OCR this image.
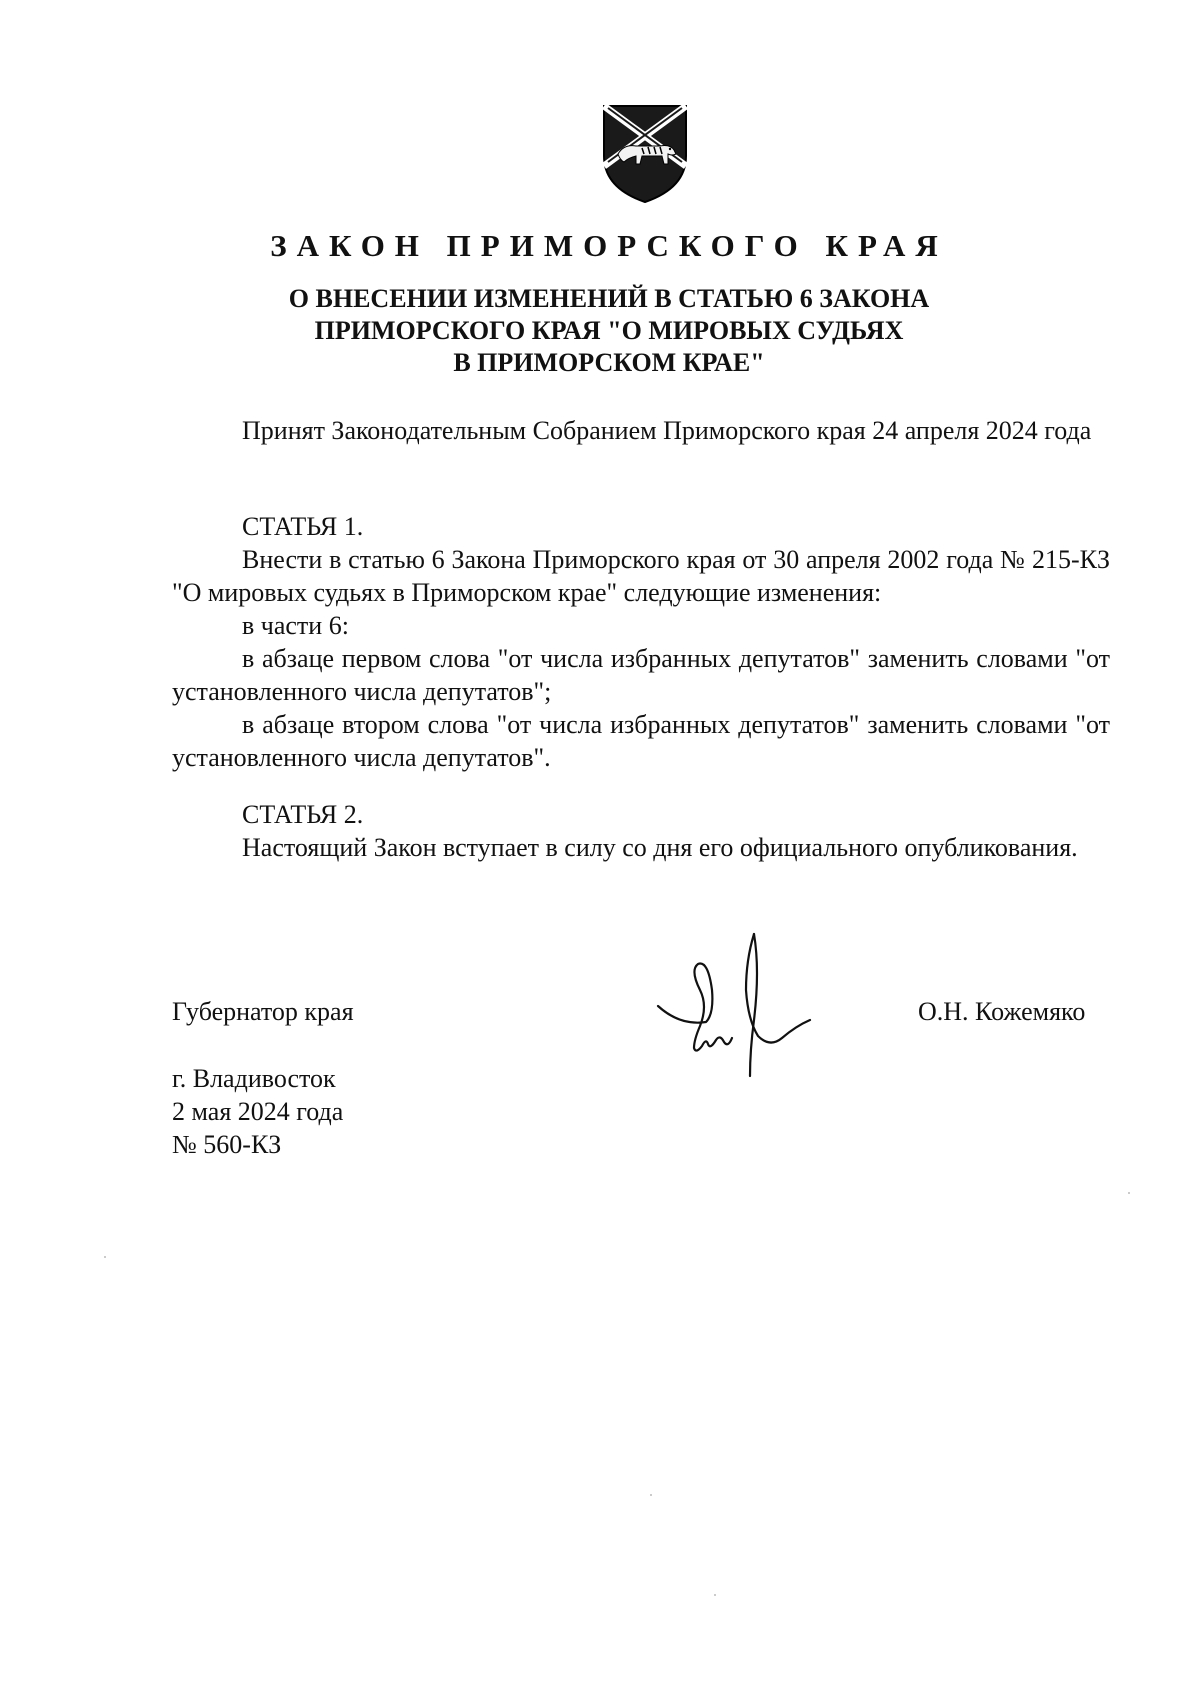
ЗАКОН ПРИМОРСКОГО КРАЯ
О ВНЕСЕНИИ ИЗМЕНЕНИЙ В СТАТЬЮ 6 ЗАКОНА
ПРИМОРСКОГО КРАЯ "О МИРОВЫХ СУДЬЯХ
В ПРИМОРСКОМ КРАЕ"

Принят Законодательным Собранием Приморского края 24 апреля 2024 года

СТАТЬЯ 1.

Внести в статью 6 Закона Приморского края от 30 апреля 2002 года № 215-КЗ "О мировых судьях в Приморском крае" следующие изменения:

в части 6:

в абзаце первом слова "от числа избранных депутатов" заменить словами "от установленного числа депутатов";

в абзаце втором слова "от числа избранных депутатов" заменить словами "от установленного числа депутатов".

СТАТЬЯ 2.

Настоящий Закон вступает в силу со дня его официального опубликования.

Губернатор края	О.Н. Кожемяко
г. Владивосток
2 мая 2024 года
№ 560-КЗ
